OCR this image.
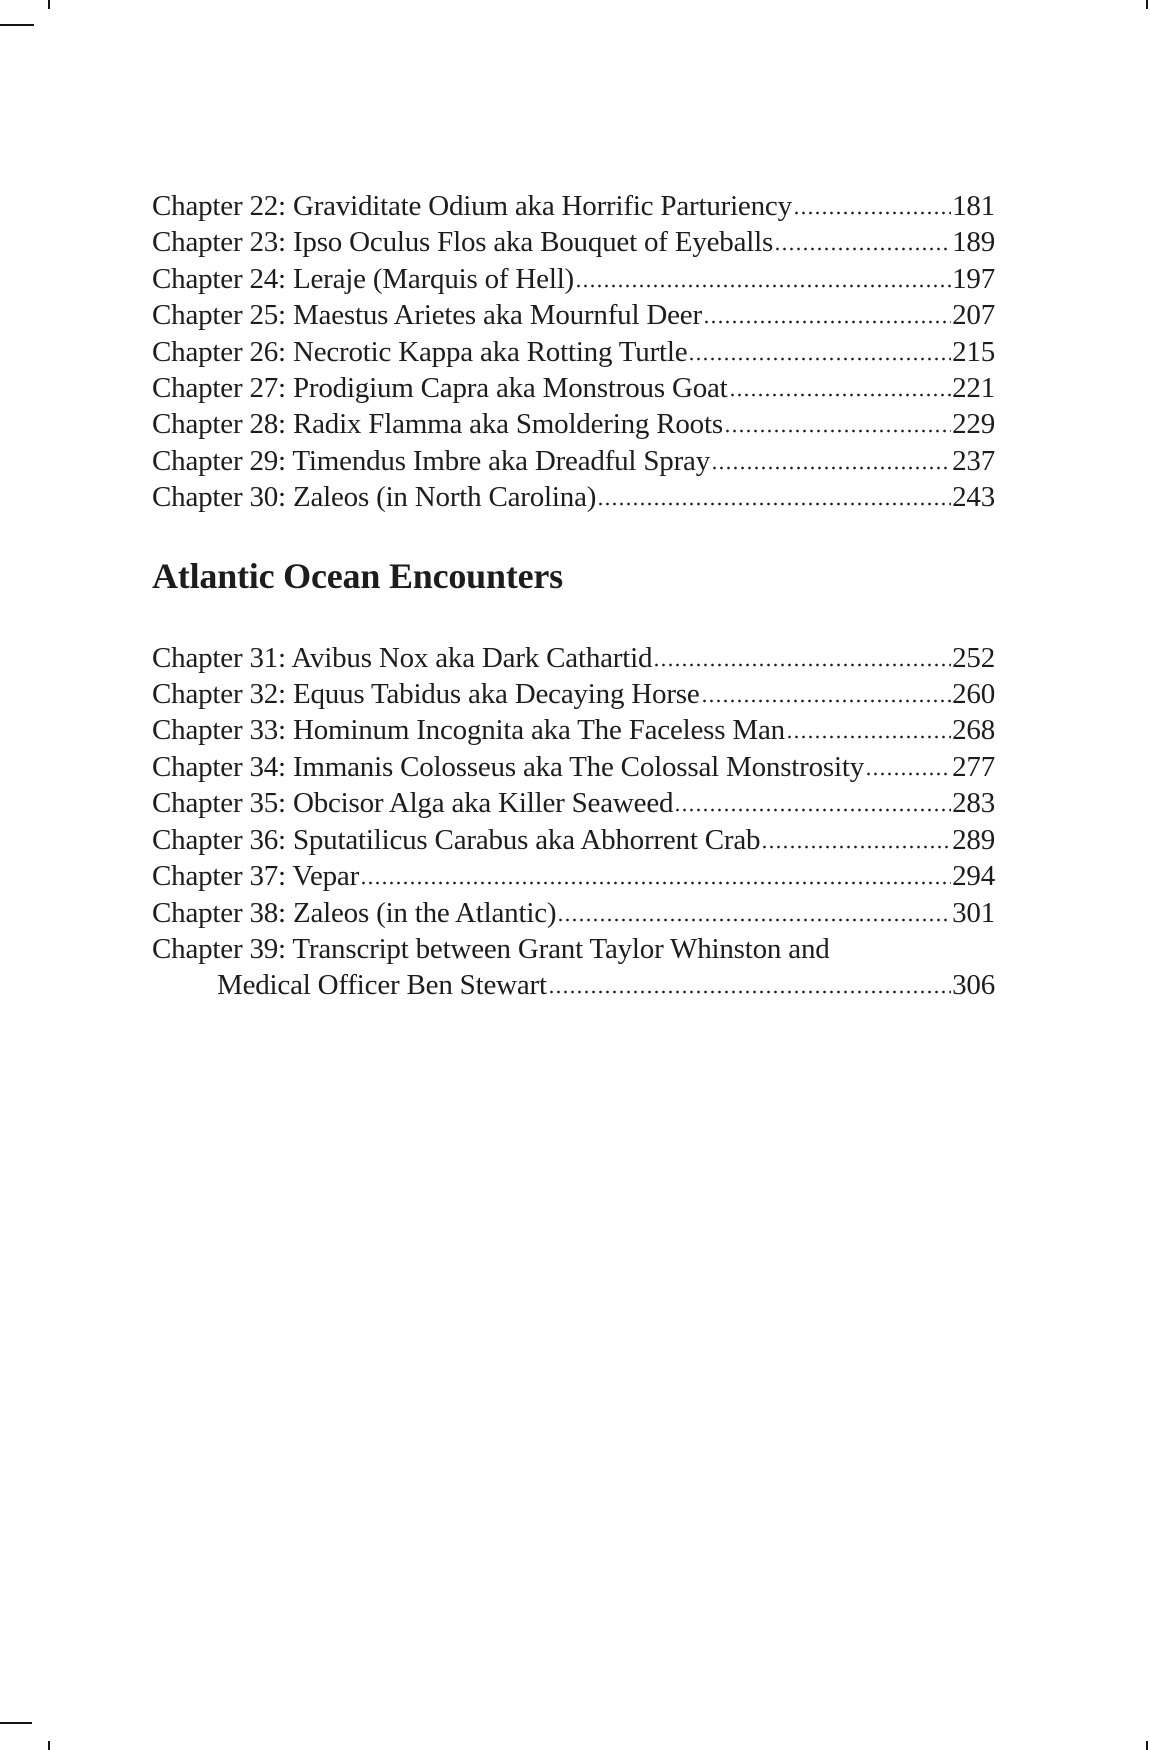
Chapter 22: Graviditate Odium aka Horrific Parturiency	181
Chapter 23: Ipso Oculus Flos aka Bouquet of Eyeballs	189
Chapter 24: Leraje (Marquis of Hell)	197
Chapter 25: Maestus Arietes aka Mournful Deer	207
Chapter 26: Necrotic Kappa aka Rotting Turtle	215
Chapter 27: Prodigium Capra aka Monstrous Goat	221
Chapter 28: Radix Flamma aka Smoldering Roots	229
Chapter 29: Timendus Imbre aka Dreadful Spray	237
Chapter 30: Zaleos (in North Carolina)	243
Atlantic Ocean Encounters
Chapter 31: Avibus Nox aka Dark Cathartid	252
Chapter 32: Equus Tabidus aka Decaying Horse	260
Chapter 33: Hominum Incognita aka The Faceless Man	268
Chapter 34: Immanis Colosseus aka The Colossal Monstrosity	277
Chapter 35: Obcisor Alga aka Killer Seaweed	283
Chapter 36: Sputatilicus Carabus aka Abhorrent Crab	289
Chapter 37: Vepar	294
Chapter 38: Zaleos (in the Atlantic)	301
Chapter 39: Transcript between Grant Taylor Whinston and
Medical Officer Ben Stewart	306
